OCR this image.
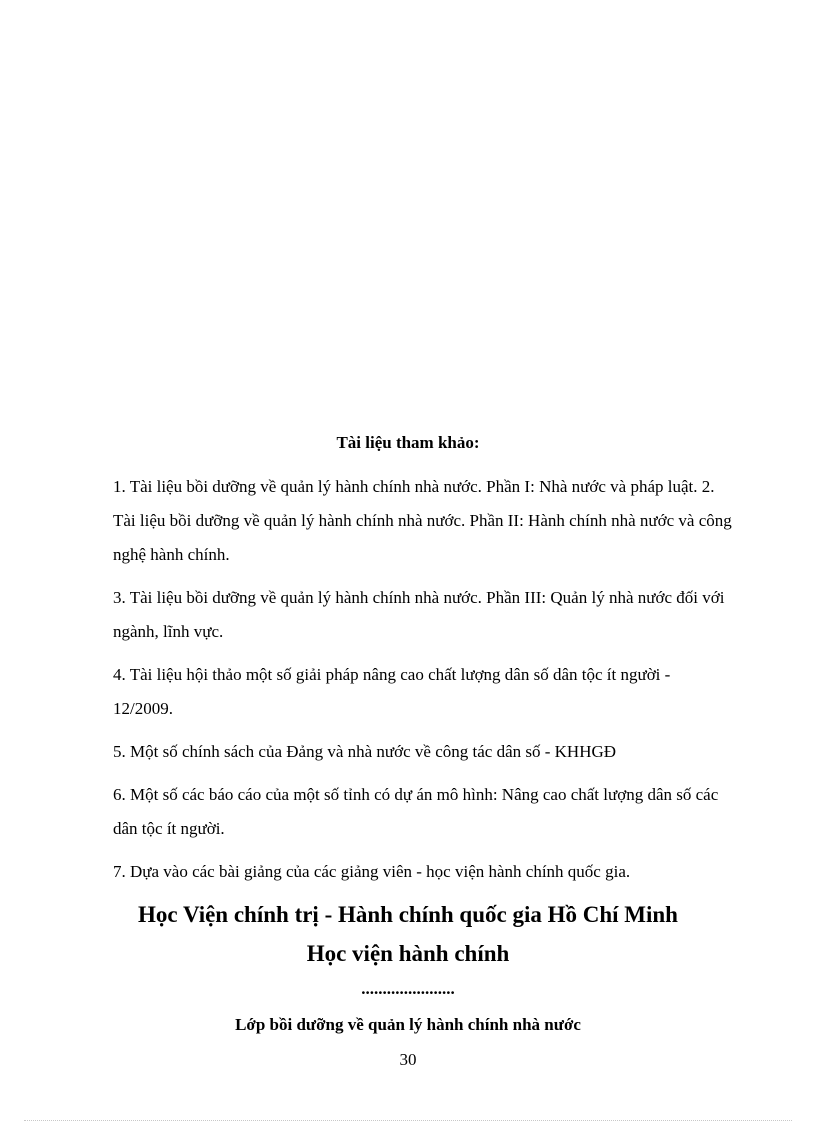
Tài liệu tham khảo:

1. Tài liệu bồi dưỡng về quản lý hành chính nhà nước. Phần I: Nhà nước và pháp luật. 2. Tài liệu bồi dưỡng về quản lý hành chính nhà nước. Phần II: Hành chính nhà nước và công nghệ hành chính.

3. Tài liệu bồi dưỡng về quản lý hành chính nhà nước. Phần III: Quản lý nhà nước đối với ngành, lĩnh vực.

4. Tài liệu hội thảo một số giải pháp nâng cao chất lượng dân số dân tộc ít người - 12/2009.

5. Một số chính sách của Đảng và nhà nước về công tác dân số - KHHGĐ

6. Một số các báo cáo của một số tỉnh có dự án mô hình: Nâng cao chất lượng dân số các dân tộc ít người.

7. Dựa vào các bài giảng của các giảng viên - học viện hành chính quốc gia.

Học Viện chính trị - Hành chính quốc gia Hồ Chí Minh
Học viện hành chính
......................
Lớp bồi dưỡng về quản lý hành chính nhà nước
30
